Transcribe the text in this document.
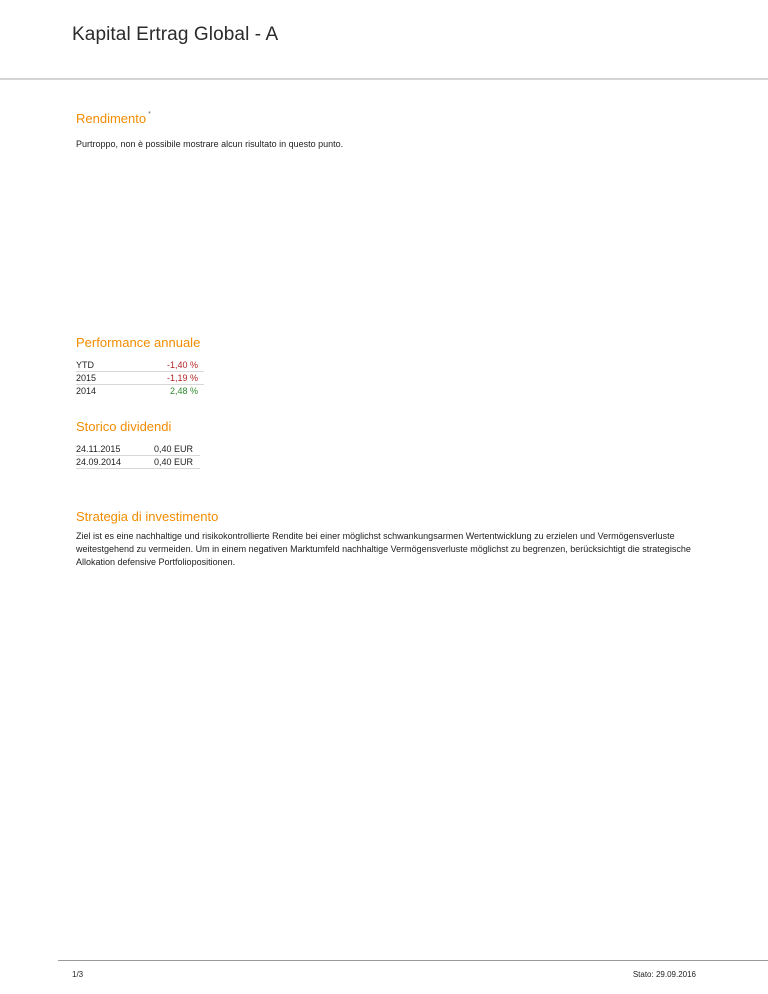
Kapital Ertrag Global - A
Rendimento *
Purtroppo, non è possibile mostrare alcun risultato in questo punto.
Performance annuale
YTD	-1,40 %
2015	-1,19 %
2014	2,48 %
Storico dividendi
24.11.2015	0,40 EUR
24.09.2014	0,40 EUR
Strategia di investimento
Ziel ist es eine nachhaltige und risikokontrollierte Rendite bei einer möglichst schwankungsarmen Wertentwicklung zu erzielen und Vermögensverluste weitestgehend zu vermeiden. Um in einem negativen Marktumfeld nachhaltige Vermögensverluste möglichst zu begrenzen, berücksichtigt die strategische Allokation defensive Portfoliopositionen.
1/3	Stato: 29.09.2016
